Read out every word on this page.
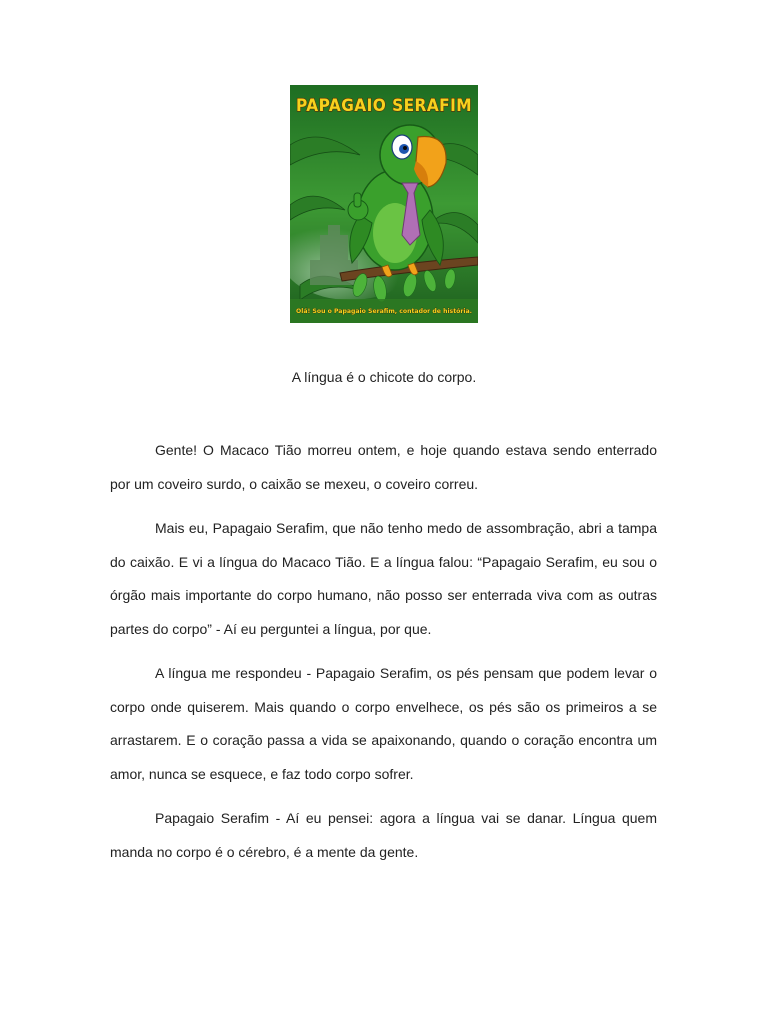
PAPAGAIO SERAFIM
Olá! Sou o Papagaio Serafim, contador de história.
A língua é o chicote do corpo.

Gente! O Macaco Tião morreu ontem, e hoje quando estava sendo enterrado por um coveiro surdo, o caixão se mexeu, o coveiro correu.

Mais eu, Papagaio Serafim, que não tenho medo de assombração, abri a tampa do caixão. E vi a língua do Macaco Tião. E a língua falou: “Papagaio Serafim, eu sou o órgão mais importante do corpo humano, não posso ser enterrada viva com as outras partes do corpo” - Aí eu perguntei a língua, por que.

A língua me respondeu - Papagaio Serafim, os pés pensam que podem levar o corpo onde quiserem. Mais quando o corpo envelhece, os pés são os primeiros a se arrastarem. E o coração passa a vida se apaixonando, quando o coração encontra um amor, nunca se esquece, e faz todo corpo sofrer.

Papagaio Serafim - Aí eu pensei: agora a língua vai se danar. Língua quem manda no corpo é o cérebro, é a mente da gente.
